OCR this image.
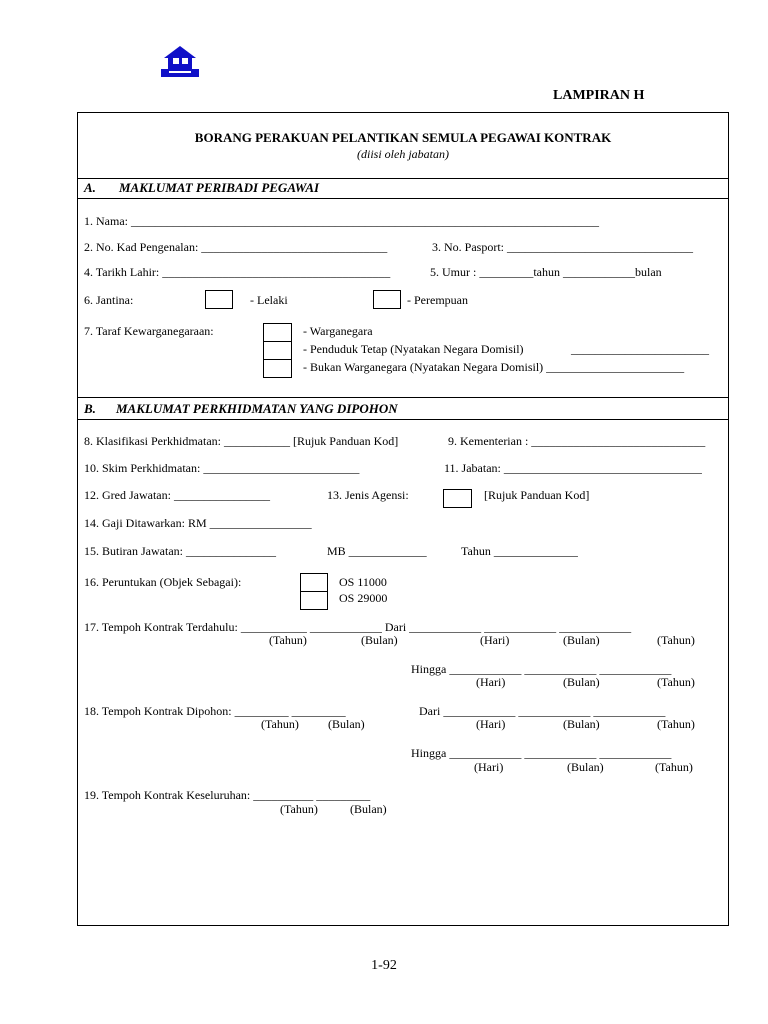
LAMPIRAN H
BORANG PERAKUAN PELANTIKAN SEMULA PEGAWAI KONTRAK
(diisi oleh jabatan)
A. MAKLUMAT PERIBADI PEGAWAI
1. Nama: ______________________________________________________________________________
2. No. Kad Pengenalan: _______________________________	3. No. Pasport: _______________________________
4. Tarikh Lahir: ______________________________________	5. Umur : _________tahun ____________bulan
6. Jantina:	- Lelaki	- Perempuan
7. Taraf Kewarganegaraan:	- Warganegara
- Penduduk Tetap (Nyatakan Negara Domisil)	_______________________
- Bukan Warganegara (Nyatakan Negara Domisil) _______________________
B. MAKLUMAT PERKHIDMATAN YANG DIPOHON
8. Klasifikasi Perkhidmatan: ___________ [Rujuk Panduan Kod]	9. Kementerian : _____________________________
10. Skim Perkhidmatan: __________________________	11. Jabatan: _________________________________
12. Gred Jawatan: ________________	13. Jenis Agensi:	[Rujuk Panduan Kod]
14. Gaji Ditawarkan: RM _________________
15. Butiran Jawatan: _______________	MB _____________	Tahun ______________
16. Peruntukan (Objek Sebagai):	OS 11000
OS 29000
17. Tempoh Kontrak Terdahulu: ___________ ____________ Dari ____________ ____________ ____________
(Tahun)	(Bulan)	(Hari)	(Bulan)	(Tahun)
Hingga ____________ ____________ ____________
(Hari)	(Bulan)	(Tahun)
18. Tempoh Kontrak Dipohon: _________ _________	Dari ____________ ____________ ____________
(Tahun) (Bulan)	(Hari)	(Bulan)	(Tahun)
Hingga ____________ ____________ ____________
(Hari)	(Bulan)	(Tahun)
19. Tempoh Kontrak Keseluruhan: __________ _________
(Tahun)	(Bulan)
1-92
